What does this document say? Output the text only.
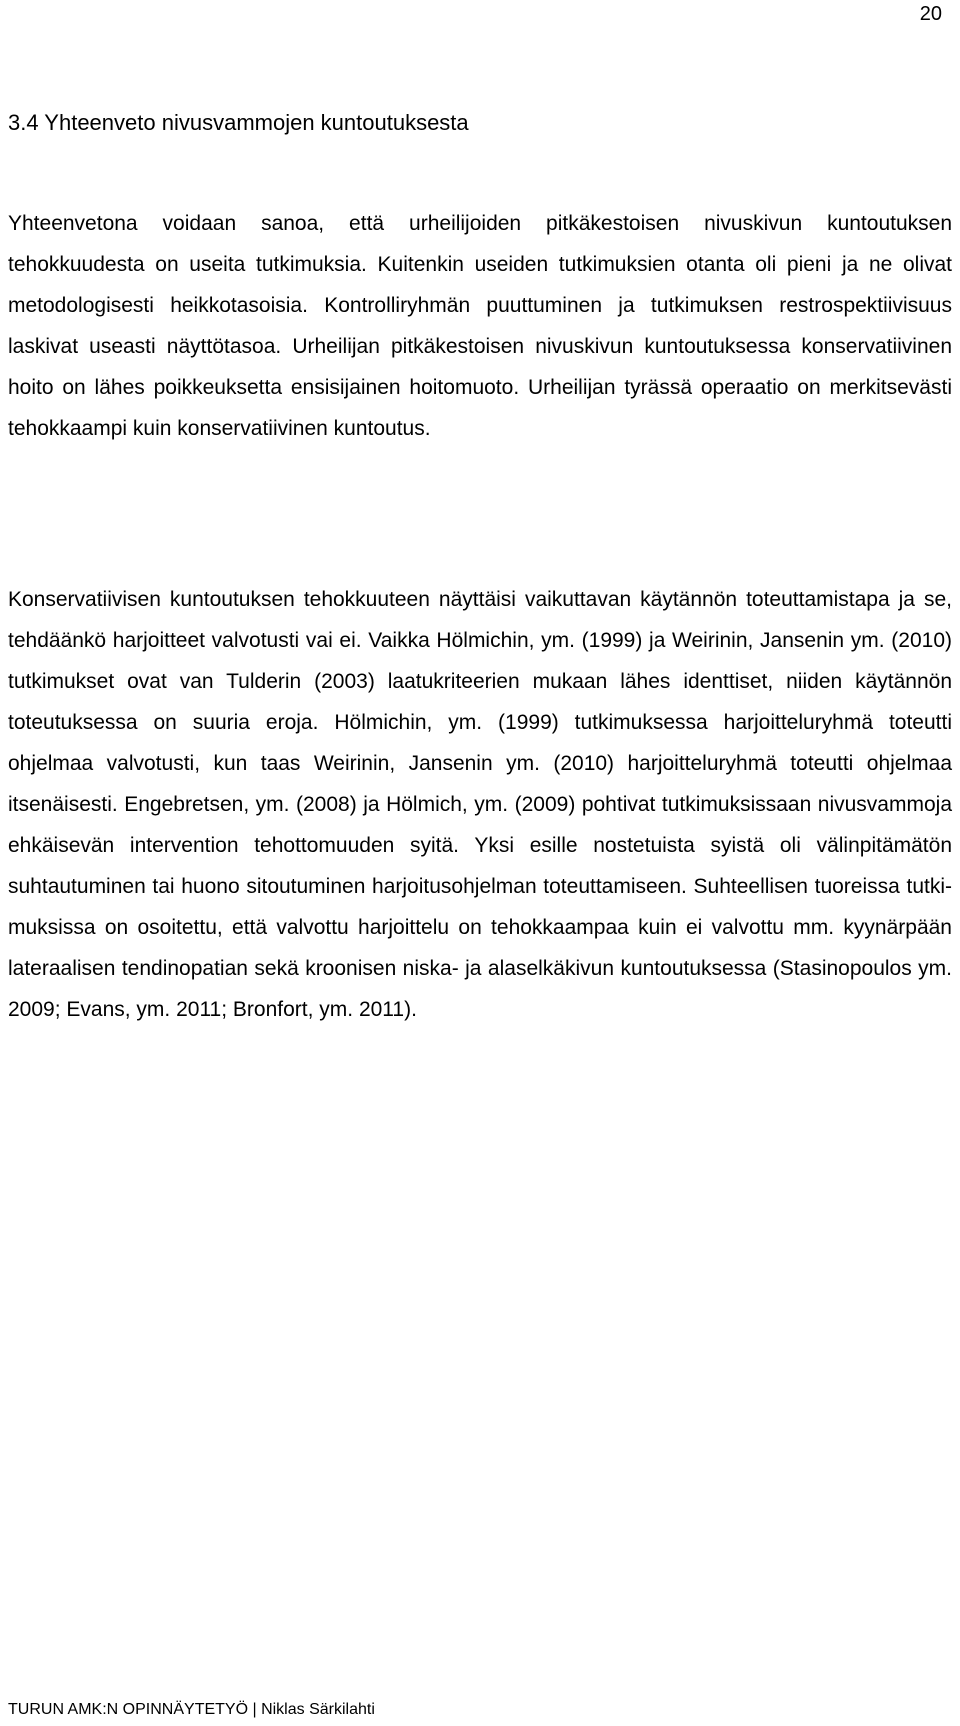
20
3.4 Yhteenveto nivusvammojen kuntoutuksesta

Yhteenvetona voidaan sanoa, että urheilijoiden pitkäkestoisen nivuskivun kuntoutuksen tehokkuudesta on useita tutkimuksia. Kuitenkin useiden tutkimuksien otanta oli pieni ja ne olivat metodologisesti heikkotasoisia. Kontrolliryhmän puuttuminen ja tutkimuksen restrospektiivisuus laskivat useasti näyttötasoa. Urheilijan pitkäkestoisen nivuskivun kuntoutuksessa konservatiivinen hoito on lähes poikkeuksetta ensisijainen hoitomuoto. Urheilijan tyrässä operaatio on merkitsevästi tehokkaampi kuin konservatiivinen kuntoutus.

Konservatiivisen kuntoutuksen tehokkuuteen näyttäisi vaikuttavan käytännön toteuttamistapa ja se, tehdäänkö harjoitteet valvotusti vai ei. Vaikka Hölmichin, ym. (1999) ja Weirinin, Jansenin ym. (2010) tutkimukset ovat van Tulderin (2003) laatukriteerien mukaan lähes identtiset, niiden käytännön toteutuksessa on suuria eroja. Hölmichin, ym. (1999) tutkimuksessa harjoitteluryhmä toteutti ohjelmaa valvotusti, kun taas Weirinin, Jansenin ym. (2010) harjoitteluryhmä toteutti ohjelmaa itsenäisesti. Engebretsen, ym. (2008) ja Hölmich, ym. (2009) pohtivat tutkimuksissaan nivusvammoja ehkäisevän intervention tehottomuuden syitä. Yksi esille nostetuista syistä oli välinpitämätön suhtautuminen tai huono sitoutuminen harjoitusohjelman toteuttamiseen. Suhteellisen tuoreissa tutkimuksissa on osoitettu, että valvottu harjoittelu on tehokkaampaa kuin ei valvottu mm. kyynärpään lateraalisen tendinopatian sekä kroonisen niska- ja alaselkäkivun kuntoutuksessa (Stasinopoulos ym. 2009; Evans, ym. 2011; Bronfort, ym. 2011).

TURUN AMK:N OPINNÄYTETYÖ | Niklas Särkilahti
